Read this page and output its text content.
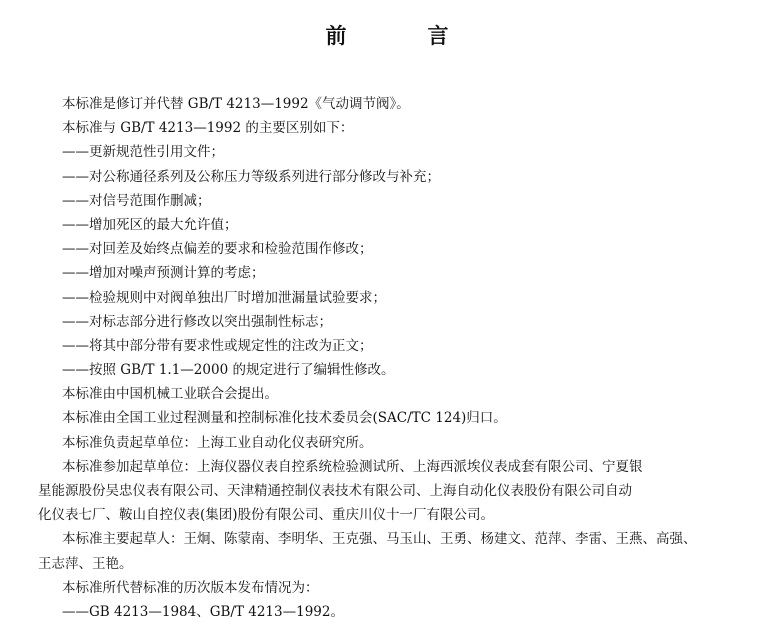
前　言
本标准是修订并代替 GB/T 4213—1992《气动调节阀》。
本标准与 GB/T 4213—1992 的主要区别如下：
——更新规范性引用文件；
——对公称通径系列及公称压力等级系列进行部分修改与补充；
——对信号范围作删减；
——增加死区的最大允许值；
——对回差及始终点偏差的要求和检验范围作修改；
——增加对噪声预测计算的考虑；
——检验规则中对阀单独出厂时增加泄漏量试验要求；
——对标志部分进行修改以突出强制性标志；
——将其中部分带有要求性或规定性的注改为正文；
——按照 GB/T 1.1—2000 的规定进行了编辑性修改。
本标准由中国机械工业联合会提出。
本标准由全国工业过程测量和控制标准化技术委员会(SAC/TC 124)归口。
本标准负责起草单位：上海工业自动化仪表研究所。
本标准参加起草单位：上海仪器仪表自控系统检验测试所、上海西派埃仪表成套有限公司、宁夏银
星能源股份吴忠仪表有限公司、天津精通控制仪表技术有限公司、上海自动化仪表股份有限公司自动
化仪表七厂、鞍山自控仪表(集团)股份有限公司、重庆川仪十一厂有限公司。
本标准主要起草人：王炯、陈蒙南、李明华、王克强、马玉山、王勇、杨建文、范萍、李雷、王燕、高强、
王志萍、王艳。
本标准所代替标准的历次版本发布情况为：
——GB 4213—1984、GB/T 4213—1992。
